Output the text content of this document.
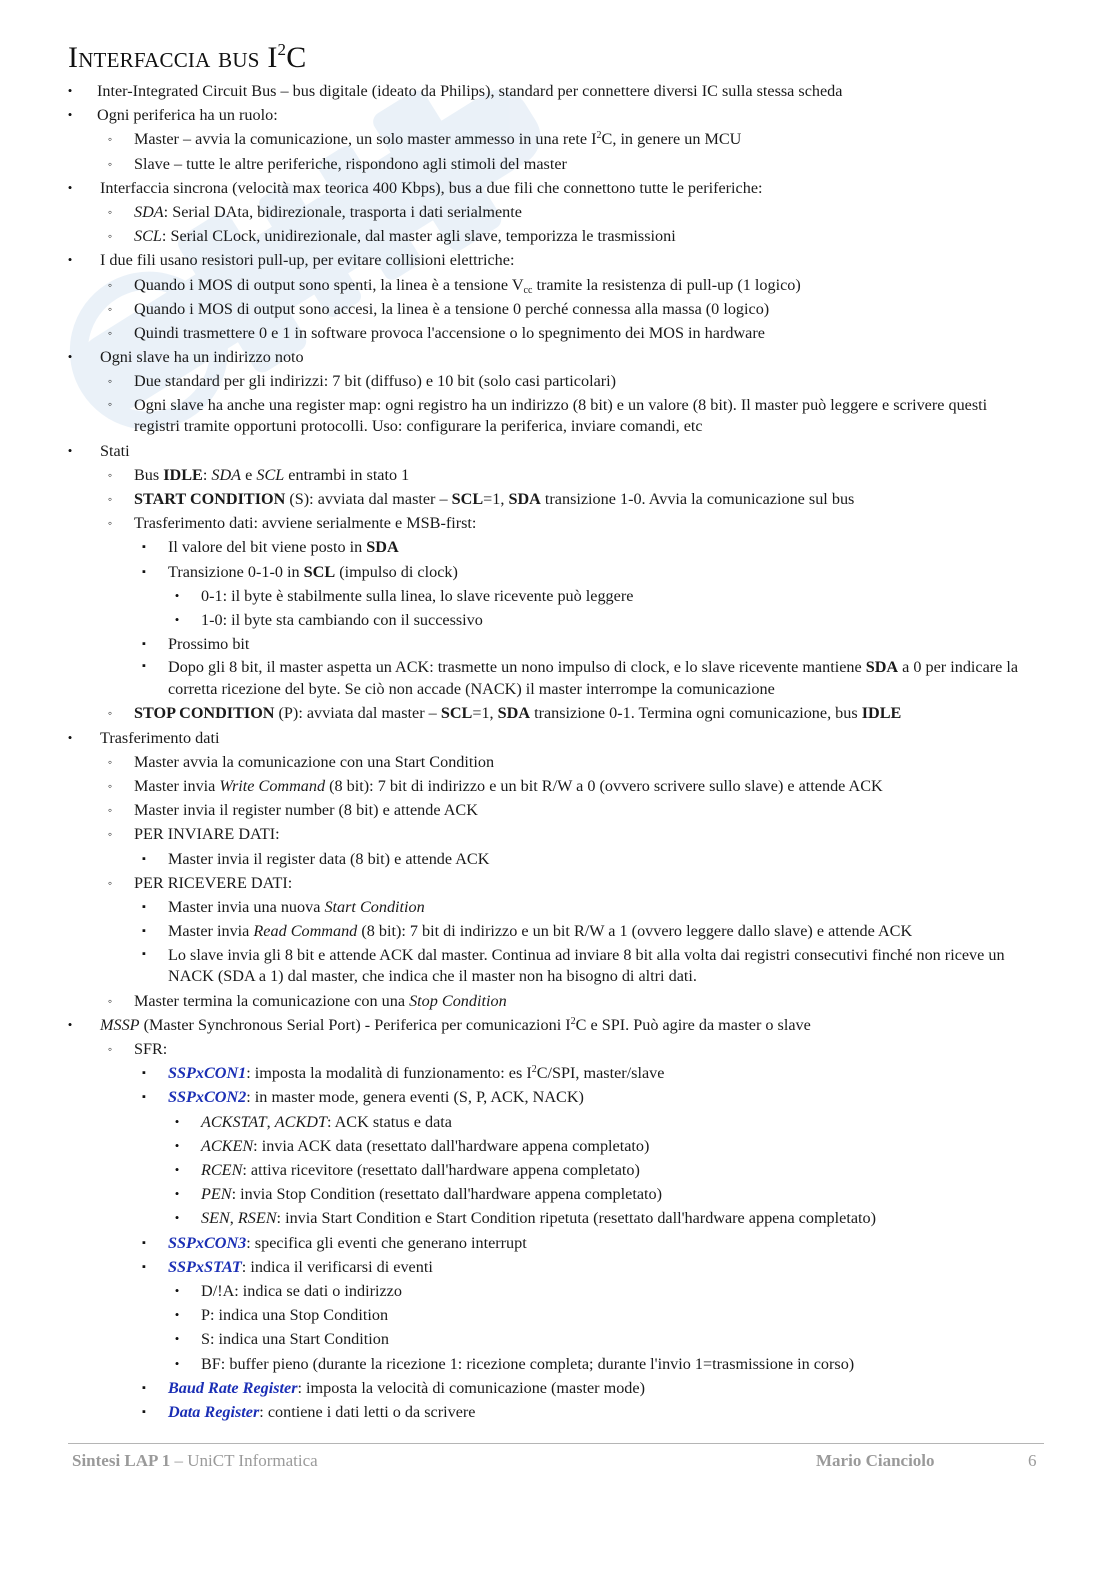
Interfaccia bus $I^2C$
• Inter-Integrated Circuit Bus – bus digitale (ideato da Philips), standard per connettere diversi IC sulla stessa scheda
• Ogni periferica ha un ruolo:
◦ Master – avvia la comunicazione, un solo master ammesso in una rete $I^2C$, in genere un MCU
◦ Slave – tutte le altre periferiche, rispondono agli stimoli del master
• Interfaccia sincrona (velocità max teorica 400 Kbps), bus a due fili che connettono tutte le periferiche:
◦ SDA: Serial DAta, bidirezionale, trasporta i dati serialmente
◦ SCL: Serial CLock, unidirezionale, dal master agli slave, temporizza le trasmissioni
• I due fili usano resistori pull-up, per evitare collisioni elettriche:
◦ Quando i MOS di output sono spenti, la linea è a tensione $V_{cc}$ tramite la resistenza di pull-up (1 logico)
◦ Quando i MOS di output sono accesi, la linea è a tensione 0 perché connessa alla massa (0 logico)
◦ Quindi trasmettere 0 e 1 in software provoca l'accensione o lo spegnimento dei MOS in hardware
• Ogni slave ha un indirizzo noto
◦ Due standard per gli indirizzi: 7 bit (diffuso) e 10 bit (solo casi particolari)
◦ Ogni slave ha anche una register map: ogni registro ha un indirizzo (8 bit) e un valore (8 bit). Il master può leggere e scrivere questi registri tramite opportuni protocolli. Uso: configurare la periferica, inviare comandi, etc
• Stati
◦ Bus IDLE: SDA e SCL entrambi in stato 1
◦ START CONDITION (S): avviata dal master – SCL=1, SDA transizione 1-0. Avvia la comunicazione sul bus
◦ Trasferimento dati: avviene serialmente e MSB-first:
▪ Il valore del bit viene posto in SDA
▪ Transizione 0-1-0 in SCL (impulso di clock)
• 0-1: il byte è stabilmente sulla linea, lo slave ricevente può leggere
• 1-0: il byte sta cambiando con il successivo
▪ Prossimo bit
▪ Dopo gli 8 bit, il master aspetta un ACK: trasmette un nono impulso di clock, e lo slave ricevente mantiene SDA a 0 per indicare la corretta ricezione del byte. Se ciò non accade (NACK) il master interrompe la comunicazione
◦ STOP CONDITION (P): avviata dal master – SCL=1, SDA transizione 0-1. Termina ogni comunicazione, bus IDLE
• Trasferimento dati
◦ Master avvia la comunicazione con una Start Condition
◦ Master invia Write Command (8 bit): 7 bit di indirizzo e un bit R/W a 0 (ovvero scrivere sullo slave) e attende ACK
◦ Master invia il register number (8 bit) e attende ACK
◦ PER INVIARE DATI:
▪ Master invia il register data (8 bit) e attende ACK
◦ PER RICEVERE DATI:
▪ Master invia una nuova Start Condition
▪ Master invia Read Command (8 bit): 7 bit di indirizzo e un bit R/W a 1 (ovvero leggere dallo slave) e attende ACK
▪ Lo slave invia gli 8 bit e attende ACK dal master. Continua ad inviare 8 bit alla volta dai registri consecutivi finché non riceve un NACK (SDA a 1) dal master, che indica che il master non ha bisogno di altri dati.
◦ Master termina la comunicazione con una Stop Condition
• MSSP (Master Synchronous Serial Port) - Periferica per comunicazioni $I^2C$ e SPI. Può agire da master o slave
◦ SFR:
▪ SSPxCON1: imposta la modalità di funzionamento: es $I^2C$/SPI, master/slave
▪ SSPxCON2: in master mode, genera eventi (S, P, ACK, NACK)
• ACKSTAT, ACKDT: ACK status e data
• ACKEN: invia ACK data (resettato dall'hardware appena completato)
• RCEN: attiva ricevitore (resettato dall'hardware appena completato)
• PEN: invia Stop Condition (resettato dall'hardware appena completato)
• SEN, RSEN: invia Start Condition e Start Condition ripetuta (resettato dall'hardware appena completato)
▪ SSPxCON3: specifica gli eventi che generano interrupt
▪ SSPxSTAT: indica il verificarsi di eventi
• D/!A: indica se dati o indirizzo
• P: indica una Stop Condition
• S: indica una Start Condition
• BF: buffer pieno (durante la ricezione 1: ricezione completa; durante l'invio 1=trasmissione in corso)
▪ Baud Rate Register: imposta la velocità di comunicazione (master mode)
▪ Data Register: contiene i dati letti o da scrivere
Sintesi LAP 1 – UniCT Informatica	Mario Cianciolo	6
